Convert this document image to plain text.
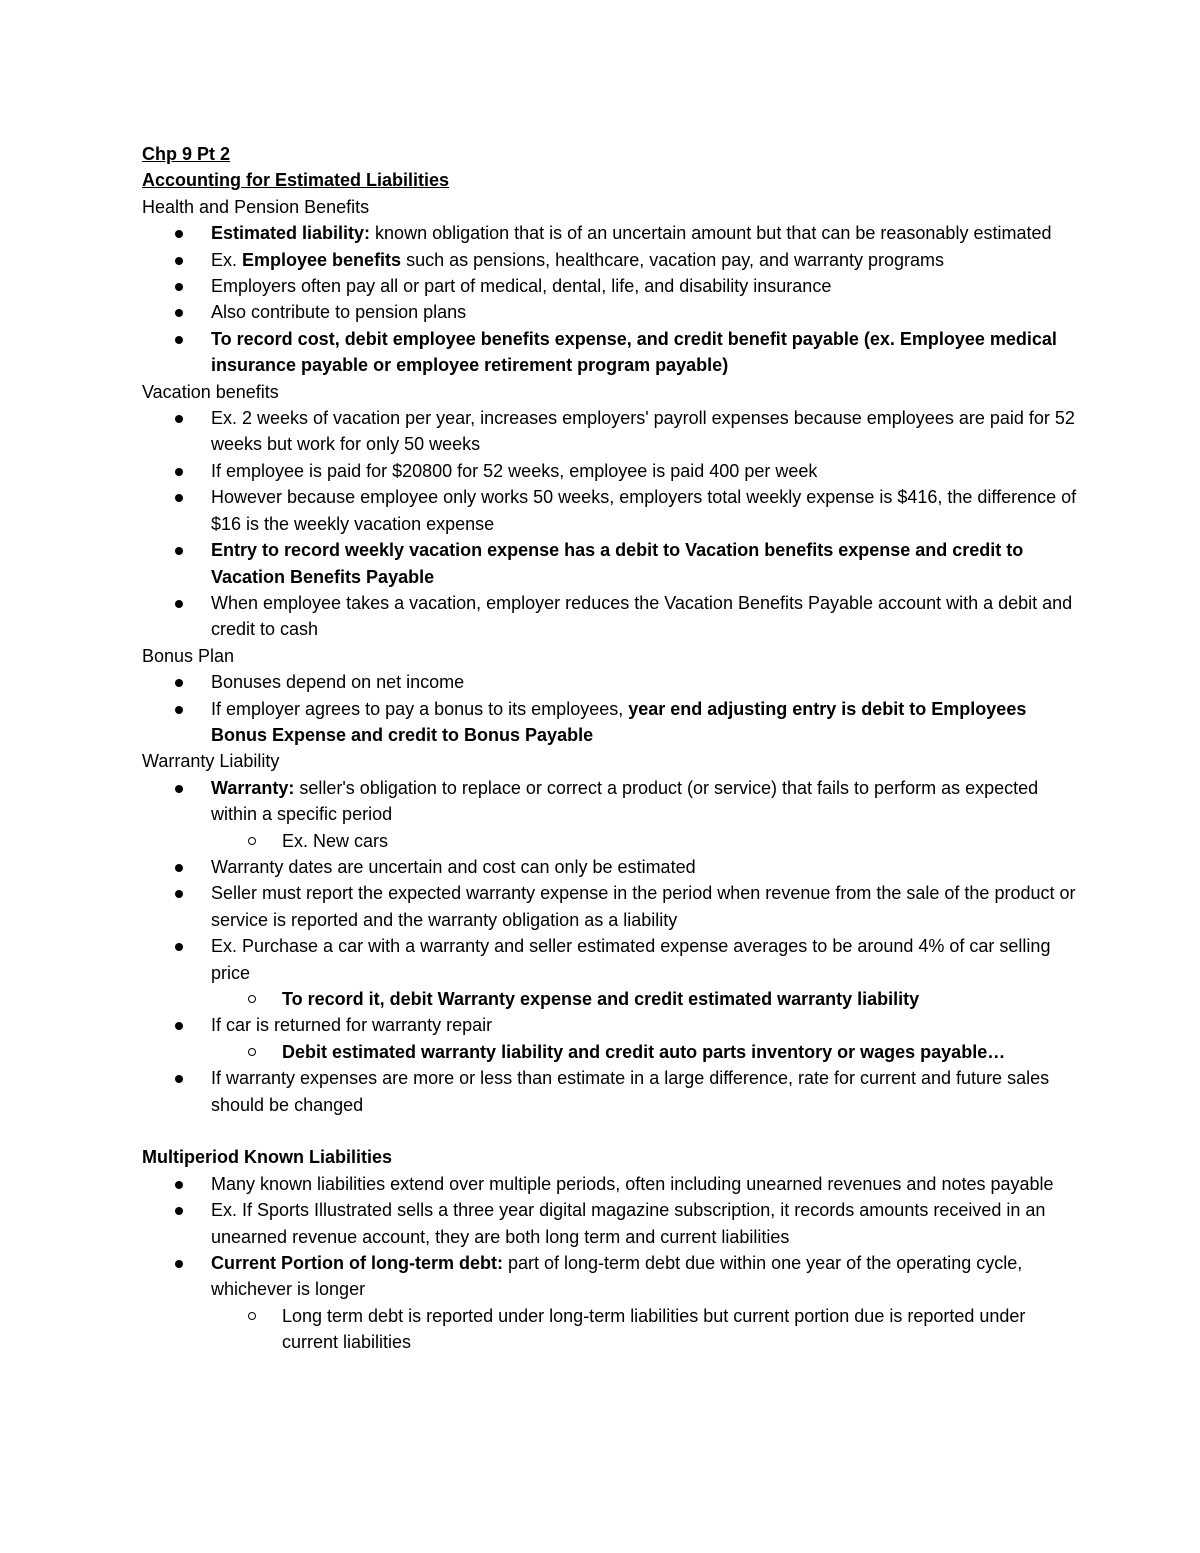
Chp 9 Pt 2
Accounting for Estimated Liabilities
Health and Pension Benefits
Estimated liability: known obligation that is of an uncertain amount but that can be reasonably estimated
Ex. Employee benefits such as pensions, healthcare, vacation pay, and warranty programs
Employers often pay all or part of medical, dental, life, and disability insurance
Also contribute to pension plans
To record cost, debit employee benefits expense, and credit benefit payable (ex. Employee medical insurance payable or employee retirement program payable)
Vacation benefits
Ex. 2 weeks of vacation per year, increases employers' payroll expenses because employees are paid for 52 weeks but work for only 50 weeks
If employee is paid for $20800 for 52 weeks, employee is paid 400 per week
However because employee only works 50 weeks, employers total weekly expense is $416, the difference of $16 is the weekly vacation expense
Entry to record weekly vacation expense has a debit to Vacation benefits expense and credit to Vacation Benefits Payable
When employee takes a vacation, employer reduces the Vacation Benefits Payable account with a debit and credit to cash
Bonus Plan
Bonuses depend on net income
If employer agrees to pay a bonus to its employees, year end adjusting entry is debit to Employees Bonus Expense and credit to Bonus Payable
Warranty Liability
Warranty: seller's obligation to replace or correct a product (or service) that fails to perform as expected within a specific period
Ex. New cars
Warranty dates are uncertain and cost can only be estimated
Seller must report the expected warranty expense in the period when revenue from the sale of the product or service is reported and the warranty obligation as a liability
Ex. Purchase a car with a warranty and seller estimated expense averages to be around 4% of car selling price
To record it, debit Warranty expense and credit estimated warranty liability
If car is returned for warranty repair
Debit estimated warranty liability and credit auto parts inventory or wages payable…
If warranty expenses are more or less than estimate in a large difference, rate for current and future sales should be changed
Multiperiod Known Liabilities
Many known liabilities extend over multiple periods, often including unearned revenues and notes payable
Ex. If Sports Illustrated sells a three year digital magazine subscription, it records amounts received in an unearned revenue account, they are both long term and current liabilities
Current Portion of long-term debt: part of long-term debt due within one year of the operating cycle, whichever is longer
Long term debt is reported under long-term liabilities but current portion due is reported under current liabilities
